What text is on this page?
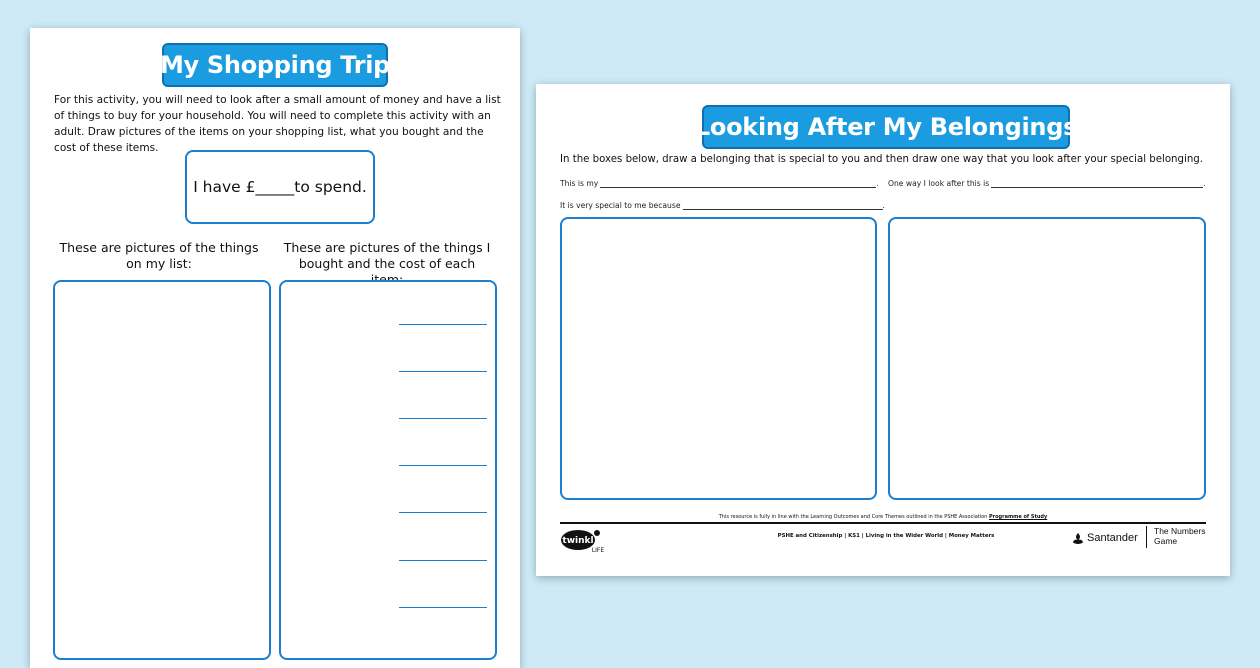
My Shopping Trip

For this activity, you will need to look after a small amount of money and have a list of things to buy for your household. You will need to complete this activity with an adult. Draw pictures of the items on your shopping list, what you bought and the cost of these items.

I have £ _____ to spend.
These are pictures of the things on my list:
These are pictures of the things I bought and the cost of each
Looking After My Belongings
In the boxes below, draw a belonging that is special to you and then draw one way that you look after your special belonging.
This is my	. One way I look after this is	.
It is very special to me because	.
This resource is fully in line with the Learning Outcomes and Core Themes outlined in the PSHE Association Programme of Study
twinkl
LIFE
PSHE and Citizenship | KS1 | Living in the Wider World | Money Matters	Santander
The Numbers Game
